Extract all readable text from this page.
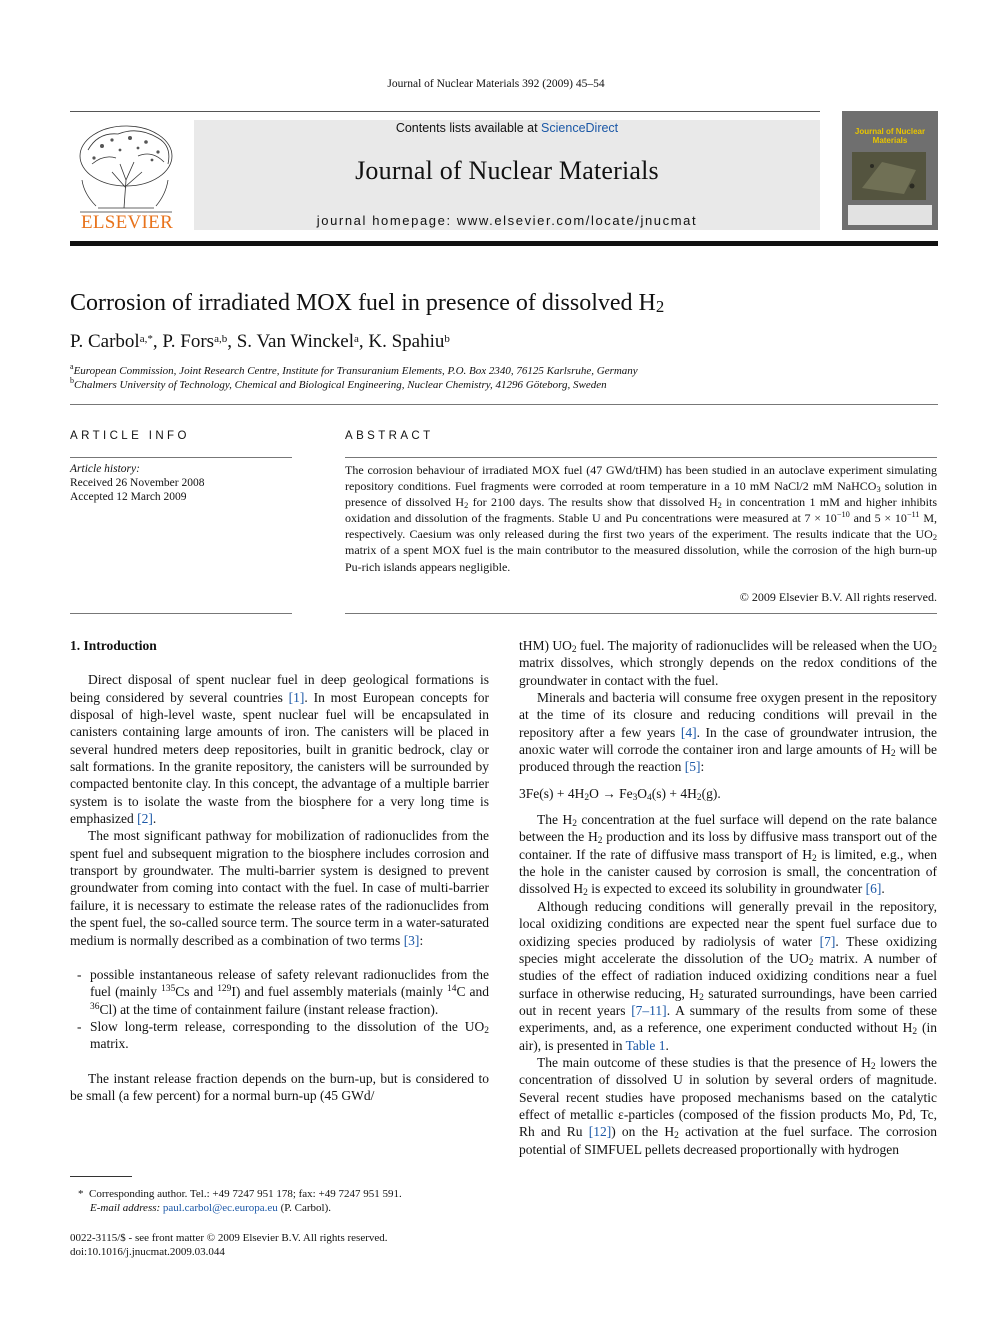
Journal of Nuclear Materials 392 (2009) 45–54
ELSEVIER
Contents lists available at ScienceDirect
Journal of Nuclear Materials
journal homepage: www.elsevier.com/locate/jnucmat
Journal of Nuclear Materials
Corrosion of irradiated MOX fuel in presence of dissolved $H_2$
P. Carbol$^{a,*}$, P. Fors$^{a,b}$, S. Van Winckel$^a$, K. Spahiu$^b$
$^a$European Commission, Joint Research Centre, Institute for Transuranium Elements, P.O. Box 2340, 76125 Karlsruhe, Germany
$^b$Chalmers University of Technology, Chemical and Biological Engineering, Nuclear Chemistry, 41296 Göteborg, Sweden
ARTICLE INFO
Article history:
Received 26 November 2008
Accepted 12 March 2009
ABSTRACT
The corrosion behaviour of irradiated MOX fuel (47 GWd/tHM) has been studied in an autoclave experiment simulating repository conditions. Fuel fragments were corroded at room temperature in a 10 mM NaCl/2 mM NaHCO$_3$ solution in presence of dissolved $H_2$ for 2100 days. The results show that dissolved $H_2$ in concentration 1 mM and higher inhibits oxidation and dissolution of the fragments. Stable U and Pu concentrations were measured at $7 \times 10^{-10}$ and $5 \times 10^{-11}$ M, respectively. Caesium was only released during the first two years of the experiment. The results indicate that the $UO_2$ matrix of a spent MOX fuel is the main contributor to the measured dissolution, while the corrosion of the high burn-up Pu-rich islands appears negligible.
© 2009 Elsevier B.V. All rights reserved.

1. Introduction

Direct disposal of spent nuclear fuel in deep geological formations is being considered by several countries [1]. In most European concepts for disposal of high-level waste, spent nuclear fuel will be encapsulated in canisters containing large amounts of iron. The canisters will be placed in several hundred meters deep repositories, built in granitic bedrock, clay or salt formations. In the granite repository, the canisters will be surrounded by compacted bentonite clay. In this concept, the advantage of a multiple barrier system is to isolate the waste from the biosphere for a very long time is emphasized [2].

The most significant pathway for mobilization of radionuclides from the spent fuel and subsequent migration to the biosphere includes corrosion and transport by groundwater. The multi-barrier system is designed to prevent groundwater from coming into contact with the fuel. In case of multi-barrier failure, it is necessary to estimate the release rates of the radionuclides from the spent fuel, the so-called source term. The source term in a water-saturated medium is normally described as a combination of two terms [3]:

- possible instantaneous release of safety relevant radionuclides from the fuel (mainly $^{135}$Cs and $^{129}$I) and fuel assembly materials (mainly $^{14}$C and $^{36}$Cl) at the time of containment failure (instant release fraction).
- Slow long-term release, corresponding to the dissolution of the $UO_2$ matrix.

The instant release fraction depends on the burn-up, but is considered to be small (a few percent) for a normal burn-up (45 GWd/

*  Corresponding author. Tel.: +49 7247 951 178; fax: +49 7247 951 591.
E-mail address: paul.carbol@ec.europa.eu (P. Carbol).
0022-3115/$ - see front matter © 2009 Elsevier B.V. All rights reserved.
doi:10.1016/j.jnucmat.2009.03.044

tHM) $UO_2$ fuel. The majority of radionuclides will be released when the $UO_2$ matrix dissolves, which strongly depends on the redox conditions of the groundwater in contact with the fuel.

Minerals and bacteria will consume free oxygen present in the repository at the time of its closure and reducing conditions will prevail in the repository after a few years [4]. In the case of groundwater intrusion, the anoxic water will corrode the container iron and large amounts of $H_2$ will be produced through the reaction [5]:

$3Fe(s) + 4H_2O \to Fe_3O_4(s) + 4H_2(g)$.

The $H_2$ concentration at the fuel surface will depend on the rate balance between the $H_2$ production and its loss by diffusive mass transport out of the container. If the rate of diffusive mass transport of $H_2$ is limited, e.g., when the hole in the canister caused by corrosion is small, the concentration of dissolved $H_2$ is expected to exceed its solubility in groundwater [6].

Although reducing conditions will generally prevail in the repository, local oxidizing conditions are expected near the spent fuel surface due to oxidizing species produced by radiolysis of water [7]. These oxidizing species might accelerate the dissolution of the $UO_2$ matrix. A number of studies of the effect of radiation induced oxidizing conditions near a fuel surface in otherwise reducing, $H_2$ saturated surroundings, have been carried out in recent years [7–11]. A summary of the results from some of these experiments, and, as a reference, one experiment conducted without $H_2$ (in air), is presented in Table 1.

The main outcome of these studies is that the presence of $H_2$ lowers the concentration of dissolved U in solution by several orders of magnitude. Several recent studies have proposed mechanisms based on the catalytic effect of metallic ε-particles (composed of the fission products Mo, Pd, Tc, Rh and Ru [12]) on the $H_2$ activation at the fuel surface. The corrosion potential of SIMFUEL pellets decreased proportionally with hydrogen
